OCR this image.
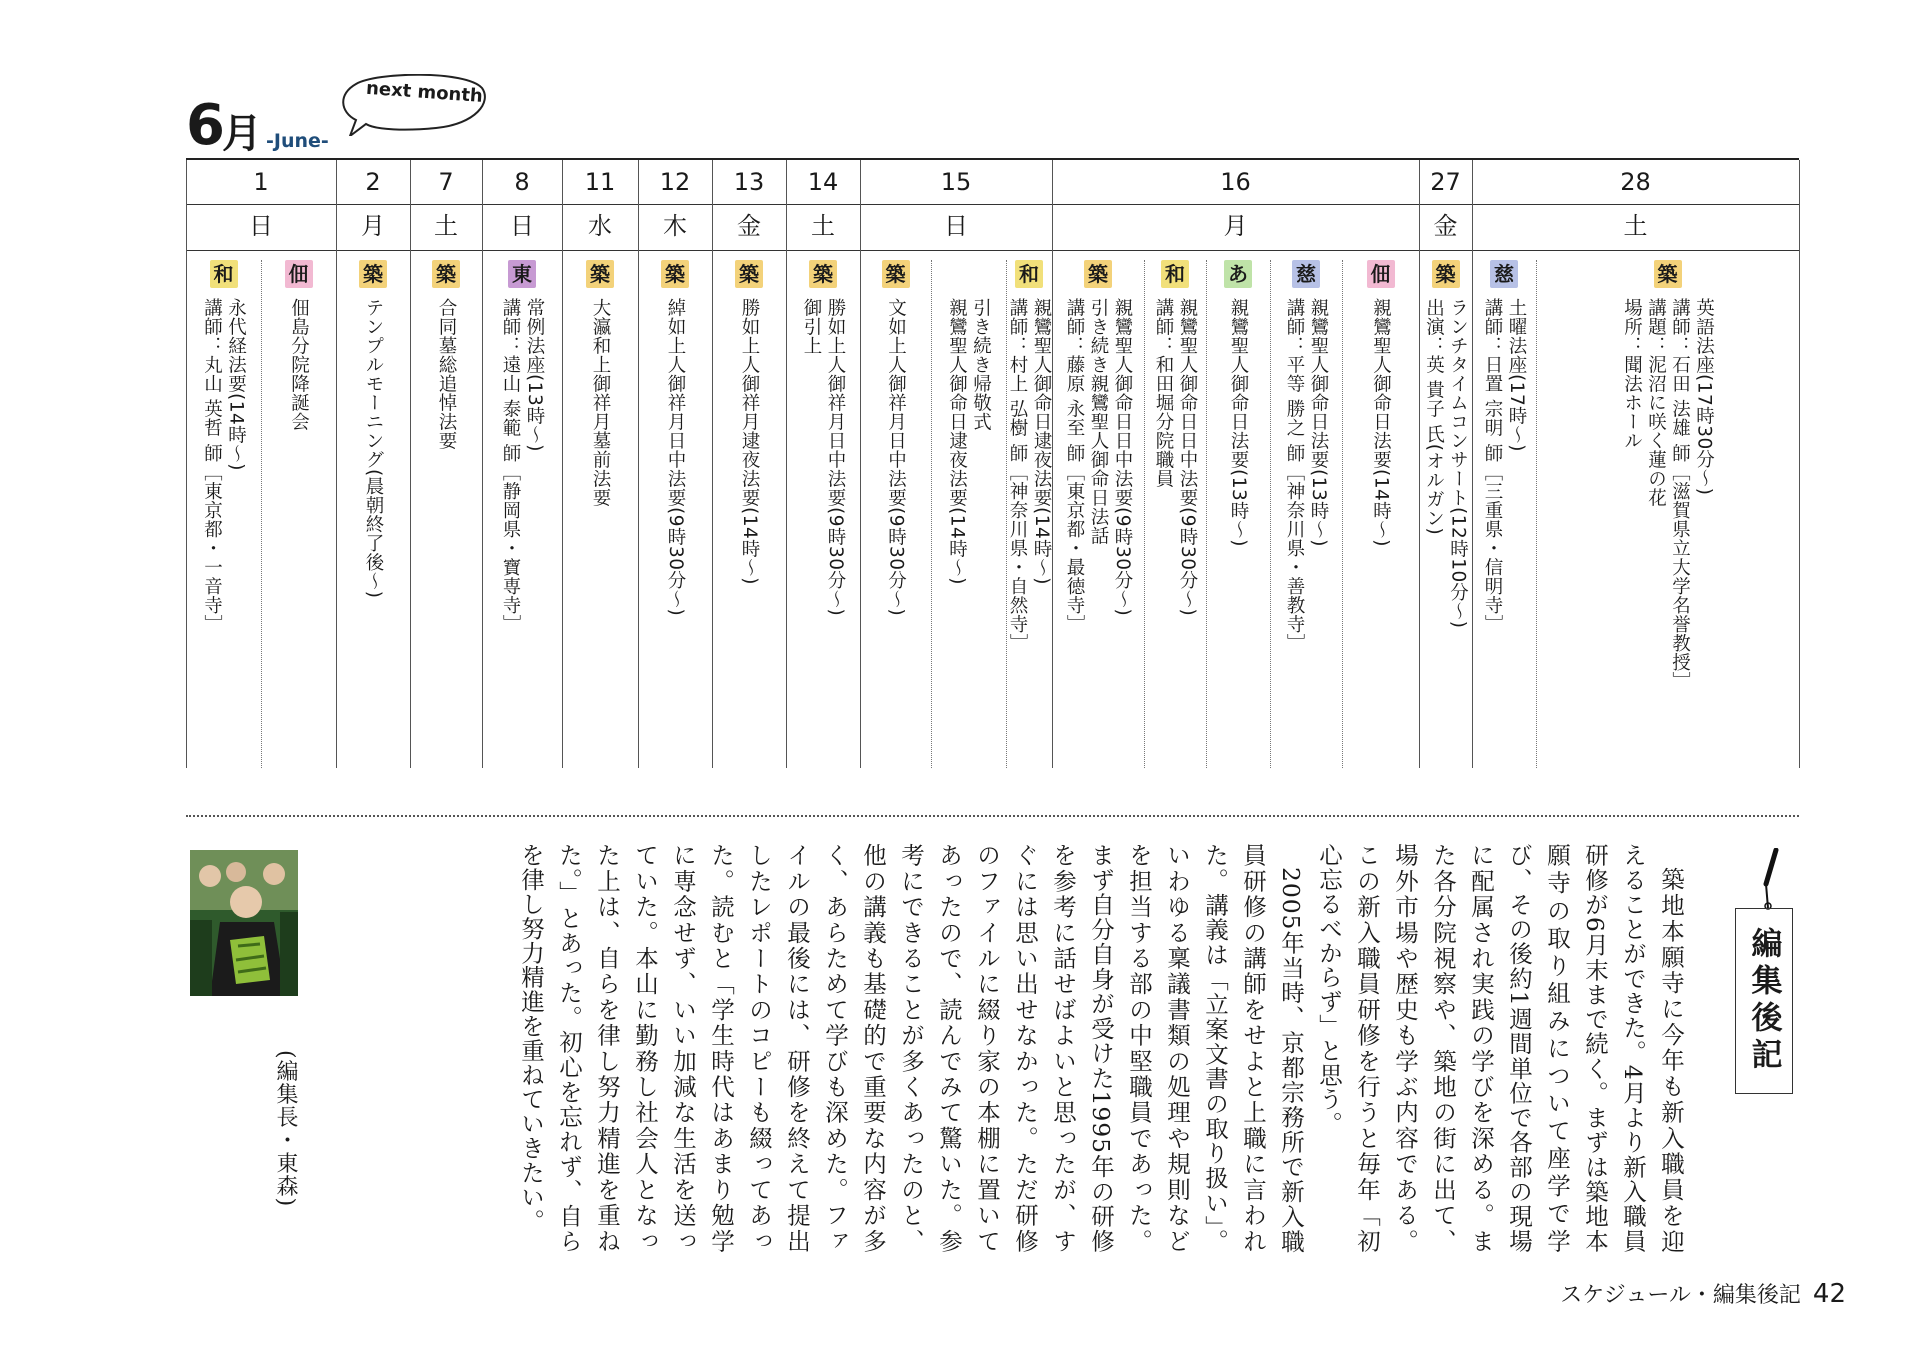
6
月 -June-
next month
1
日
2
月
7
土
8
日
11
水
12
木
13
金
14
土
15
日
16
月
27
金
28
土
和
永代経法要(14時〜)
講師：丸山 英哲 師［東京都・一音寺］
佃
佃島分院降誕会
築
テンプルモーニング(晨朝終了後〜)
築
合同墓総追悼法要
東
常例法座(13時〜)
講師：遠山 泰範 師［静岡県・寶専寺］
築
大瀛和上御祥月墓前法要
築
綽如上人御祥月日中法要(9時30分〜)
築
勝如上人御祥月逮夜法要(14時〜)
築
勝如上人御祥月日中法要(9時30分〜)
御引上
築
文如上人御祥月日中法要(9時30分〜)	引き続き帰敬式
親鸞聖人御命日逮夜法要(14時〜)
和
親鸞聖人御命日逮夜法要(14時〜)
講師：村上 弘樹 師［神奈川県・自然寺］
築
親鸞聖人御命日日中法要(9時30分〜)
引き続き親鸞聖人御命日法話
講師：藤原 永至 師［東京都・最徳寺］
和
親鸞聖人御命日日中法要(9時30分〜)
講師：和田堀分院職員
あ
親鸞聖人御命日法要(13時〜)
慈
親鸞聖人御命日法要(13時〜)
講師：平等 勝之 師［神奈川県・善教寺］
佃
親鸞聖人御命日法要(14時〜)
築
ランチタイムコンサート(12時10分〜)
出演：英 貴子 氏(オルガン)
慈
土曜法座(17時〜)
講師：日置 宗明 師［三重県・信明寺］
築
英語法座(17時30分〜)
講師：石田 法雄 師［滋賀県立大学名誉教授］
講題：泥沼に咲く蓮の花
場所：聞法ホール
編集後記

築地本願寺に今年も新入職員を迎えることができた。4月より新入職員研修が6月末まで続く。まずは築地本願寺の取り組みについて座学で学び、その後約1週間単位で各部の現場に配属され実践の学びを深める。また各分院視察や、築地の街に出て、場外市場や歴史も学ぶ内容である。この新入職員研修を行うと毎年「初心忘るべからず」と思う。

2005年当時、京都宗務所で新入職員研修の講師をせよと上職に言われた。講義は「立案文書の取り扱い」。いわゆる稟議書類の処理や規則などを担当する部の中堅職員であった。まず自分自身が受けた1995年の研修を参考に話せばよいと思ったが、すぐには思い出せなかった。ただ研修のファイルに綴り家の本棚に置いてあったので、読んでみて驚いた。参考にできることが多くあったのと、他の講義も基礎的で重要な内容が多く、あらためて学びも深めた。ファイルの最後には、研修を終えて提出したレポートのコピーも綴ってあった。読むと「学生時代はあまり勉学に専念せず、いい加減な生活を送っていた。本山に勤務し社会人となった上は、自らを律し努力精進を重ねた。」とあった。初心を忘れず、自らを律し努力精進を重ねていきたい。

(編集長・東森)
スケジュール・編集後記 42
